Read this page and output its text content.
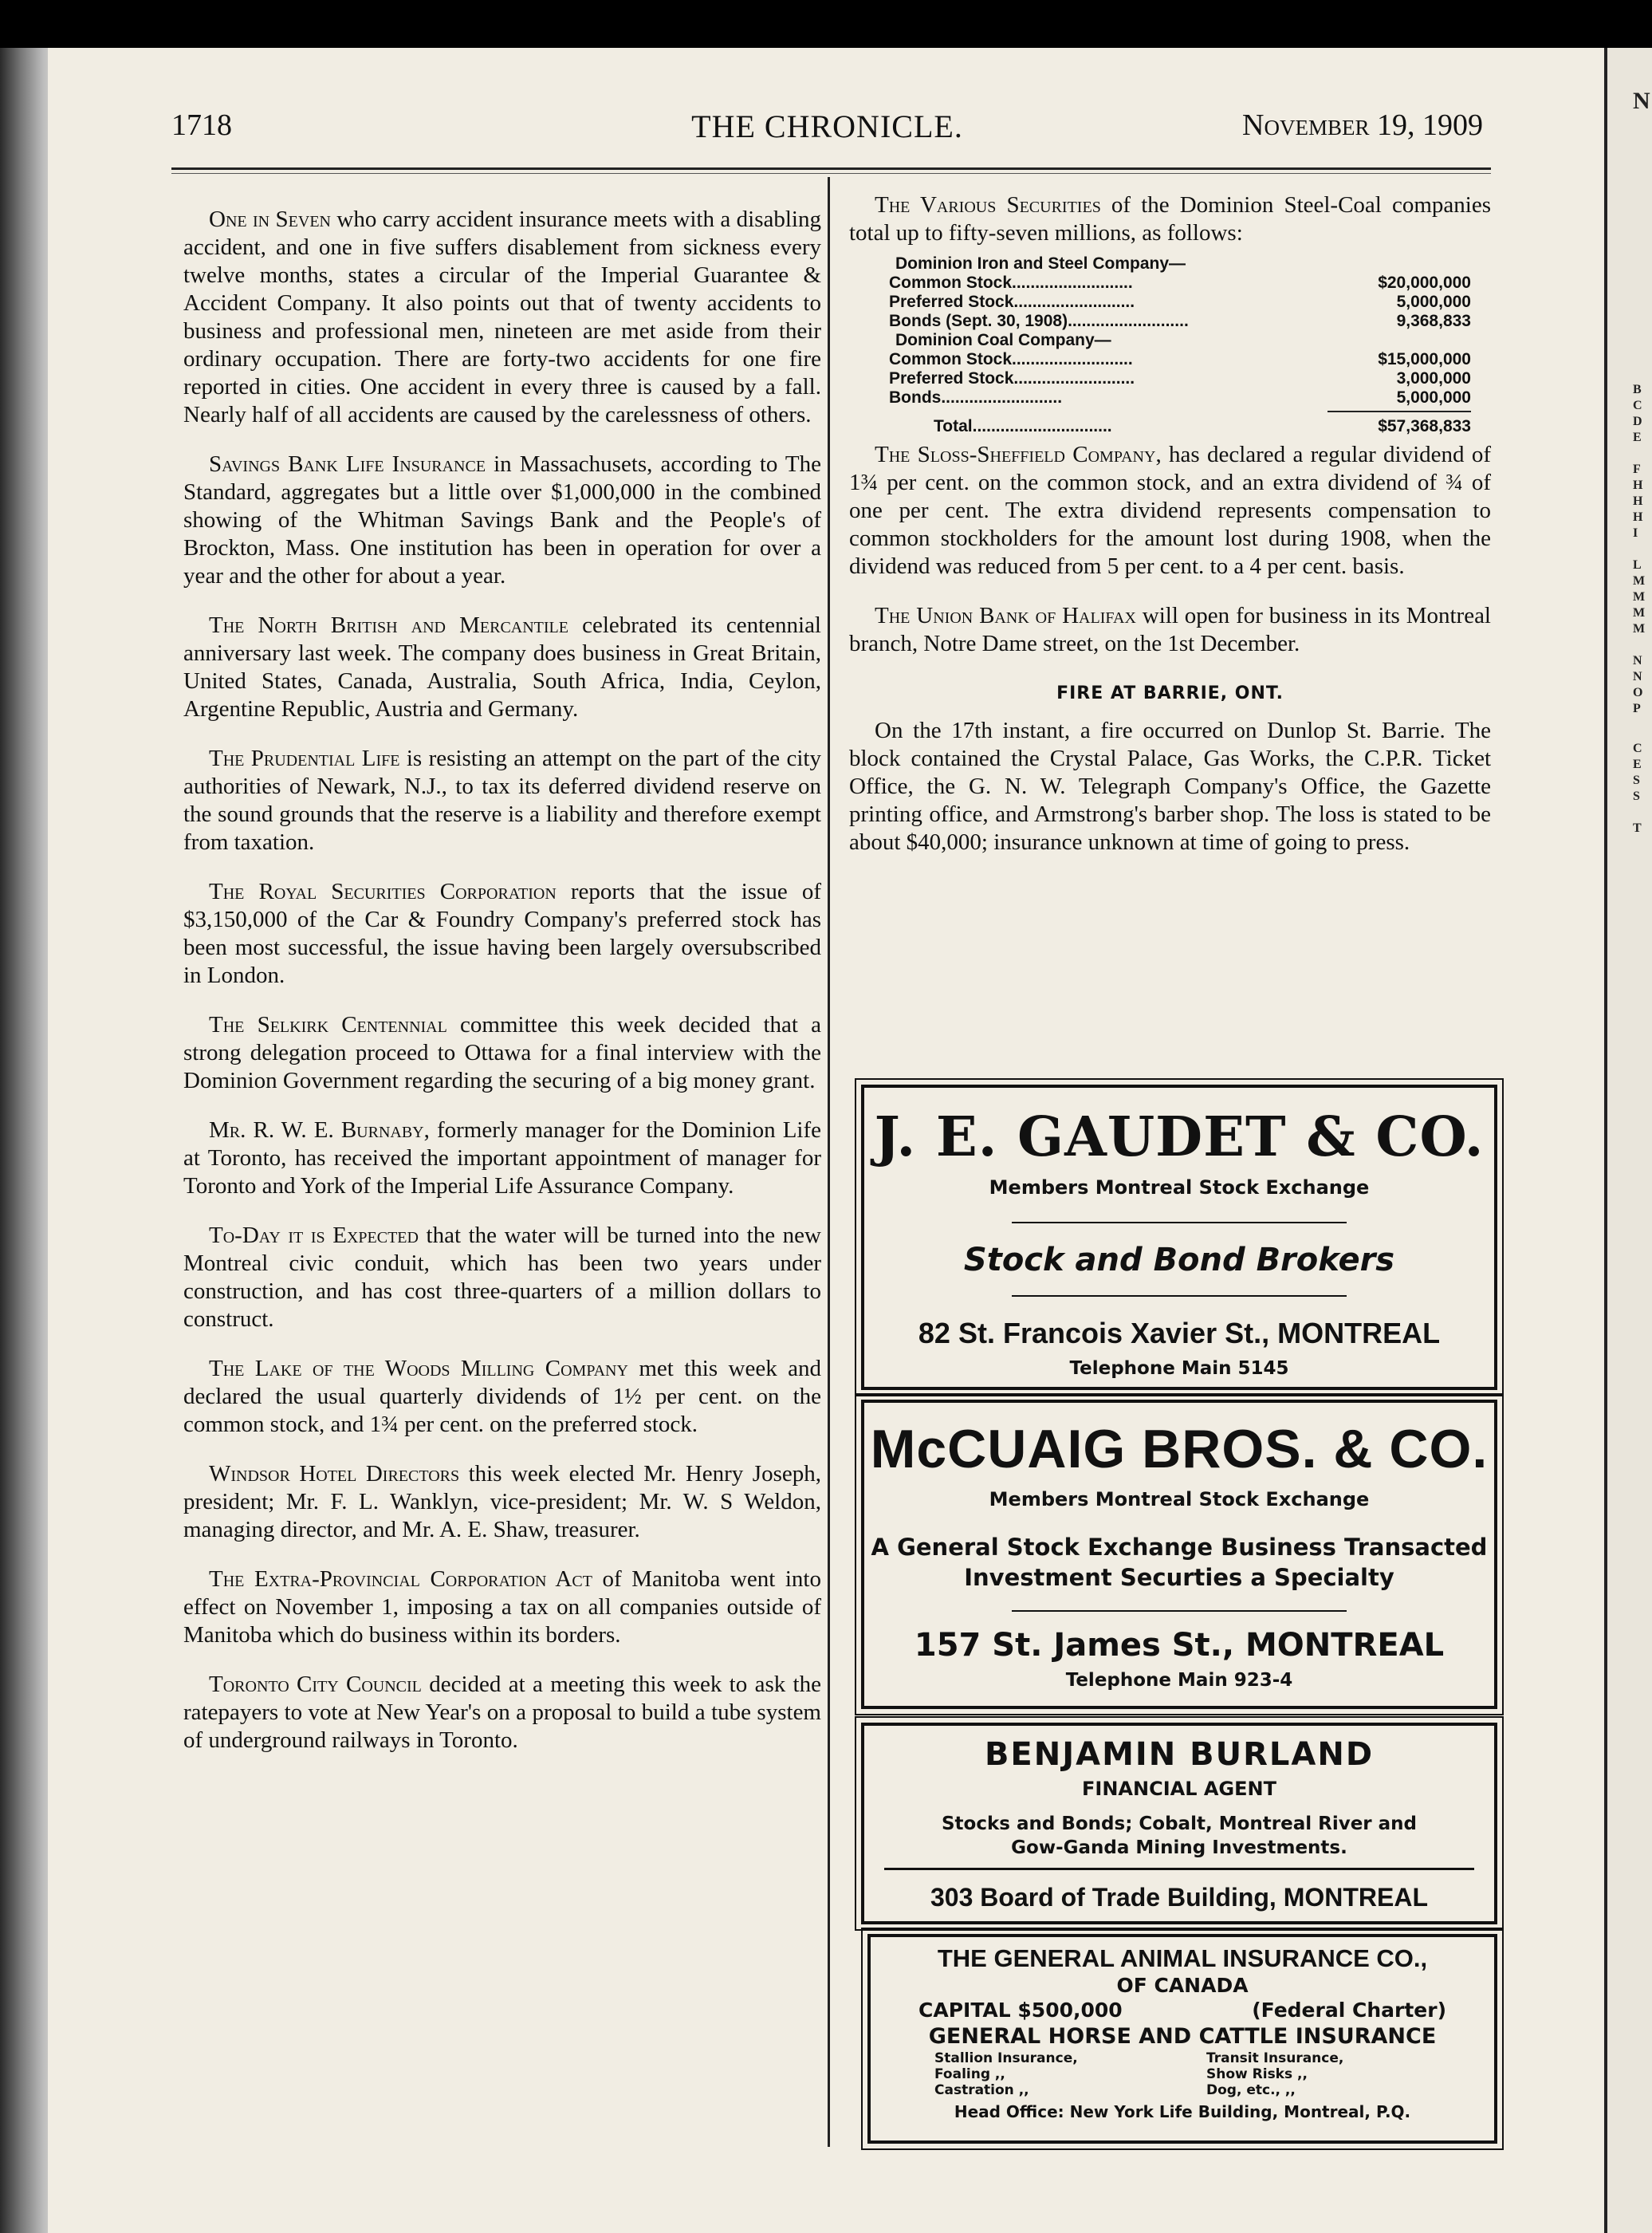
N
B
C
D
E
F
H
H
H
I
L
M
M
M
M
N
N
O
P
C
E
S
S
T
1718	THE CHRONICLE.	November 19, 1909

One in Seven who carry accident insurance meets with a disabling accident, and one in five suffers disablement from sickness every twelve months, states a circular of the Imperial Guarantee & Accident Company. It also points out that of twenty accidents to business and professional men, nineteen are met aside from their ordinary occupation. There are forty-two accidents for one fire reported in cities. One accident in every three is caused by a fall. Nearly half of all accidents are caused by the carelessness of others.

Savings Bank Life Insurance in Massachusets, according to The Standard, aggregates but a little over $1,000,000 in the combined showing of the Whitman Savings Bank and the People's of Brockton, Mass. One institution has been in operation for over a year and the other for about a year.

The North British and Mercantile celebrated its centennial anniversary last week. The company does business in Great Britain, United States, Canada, Australia, South Africa, India, Ceylon, Argentine Republic, Austria and Germany.

The Prudential Life is resisting an attempt on the part of the city authorities of Newark, N.J., to tax its deferred dividend reserve on the sound grounds that the reserve is a liability and therefore exempt from taxation.

The Royal Securities Corporation reports that the issue of $3,150,000 of the Car & Foundry Company's preferred stock has been most successful, the issue having been largely oversubscribed in London.

The Selkirk Centennial committee this week decided that a strong delegation proceed to Ottawa for a final interview with the Dominion Government regarding the securing of a big money grant.

Mr. R. W. E. Burnaby, formerly manager for the Dominion Life at Toronto, has received the important appointment of manager for Toronto and York of the Imperial Life Assurance Company.

To-Day it is Expected that the water will be turned into the new Montreal civic conduit, which has been two years under construction, and has cost three-quarters of a million dollars to construct.

The Lake of the Woods Milling Company met this week and declared the usual quarterly dividends of 1½ per cent. on the common stock, and 1¾ per cent. on the preferred stock.

Windsor Hotel Directors this week elected Mr. Henry Joseph, president; Mr. F. L. Wanklyn, vice-president; Mr. W. S Weldon, managing director, and Mr. A. E. Shaw, treasurer.

The Extra-Provincial Corporation Act of Manitoba went into effect on November 1, imposing a tax on all companies outside of Manitoba which do business within its borders.

Toronto City Council decided at a meeting this week to ask the ratepayers to vote at New Year's on a proposal to build a tube system of underground railways in Toronto.

The Various Securities of the Dominion Steel-Coal companies total up to fifty-seven millions, as follows:

Dominion Iron and Steel Company—
Common Stock..........................	$20,000,000
Preferred Stock..........................	5,000,000
Bonds (Sept. 30, 1908)..........................	9,368,833
Dominion Coal Company—
Common Stock..........................	$15,000,000
Preferred Stock..........................	3,000,000
Bonds..........................	5,000,000
Total..............................	$57,368,833

The Sloss-Sheffield Company, has declared a regular dividend of 1¾ per cent. on the common stock, and an extra dividend of ¾ of one per cent. The extra dividend represents compensation to common stockholders for the amount lost during 1908, when the dividend was reduced from 5 per cent. to a 4 per cent. basis.

The Union Bank of Halifax will open for business in its Montreal branch, Notre Dame street, on the 1st December.

FIRE AT BARRIE, ONT.

On the 17th instant, a fire occurred on Dunlop St. Barrie. The block contained the Crystal Palace, Gas Works, the C.P.R. Ticket Office, the G. N. W. Telegraph Company's Office, the Gazette printing office, and Armstrong's barber shop. The loss is stated to be about $40,000; insurance unknown at time of going to press.

J. E. GAUDET & CO.
Members Montreal Stock Exchange
Stock and Bond Brokers
82 St. Francois Xavier St., MONTREAL
Telephone Main 5145
McCUAIG BROS. & CO.
Members Montreal Stock Exchange
A General Stock Exchange Business Transacted
Investment Securties a Specialty
157 St. James St., MONTREAL
Telephone Main 923-4
BENJAMIN BURLAND
FINANCIAL AGENT
Stocks and Bonds; Cobalt, Montreal River and
Gow-Ganda Mining Investments.
303 Board of Trade Building, MONTREAL
THE GENERAL ANIMAL INSURANCE CO.,
OF CANADA
CAPITAL $500,000	(Federal Charter)
GENERAL HORSE AND CATTLE INSURANCE
Stallion Insurance,	Transit Insurance,
Foaling ,,	Show Risks ,,
Castration ,,	Dog, etc., ,,
Head Office: New York Life Building, Montreal, P.Q.
